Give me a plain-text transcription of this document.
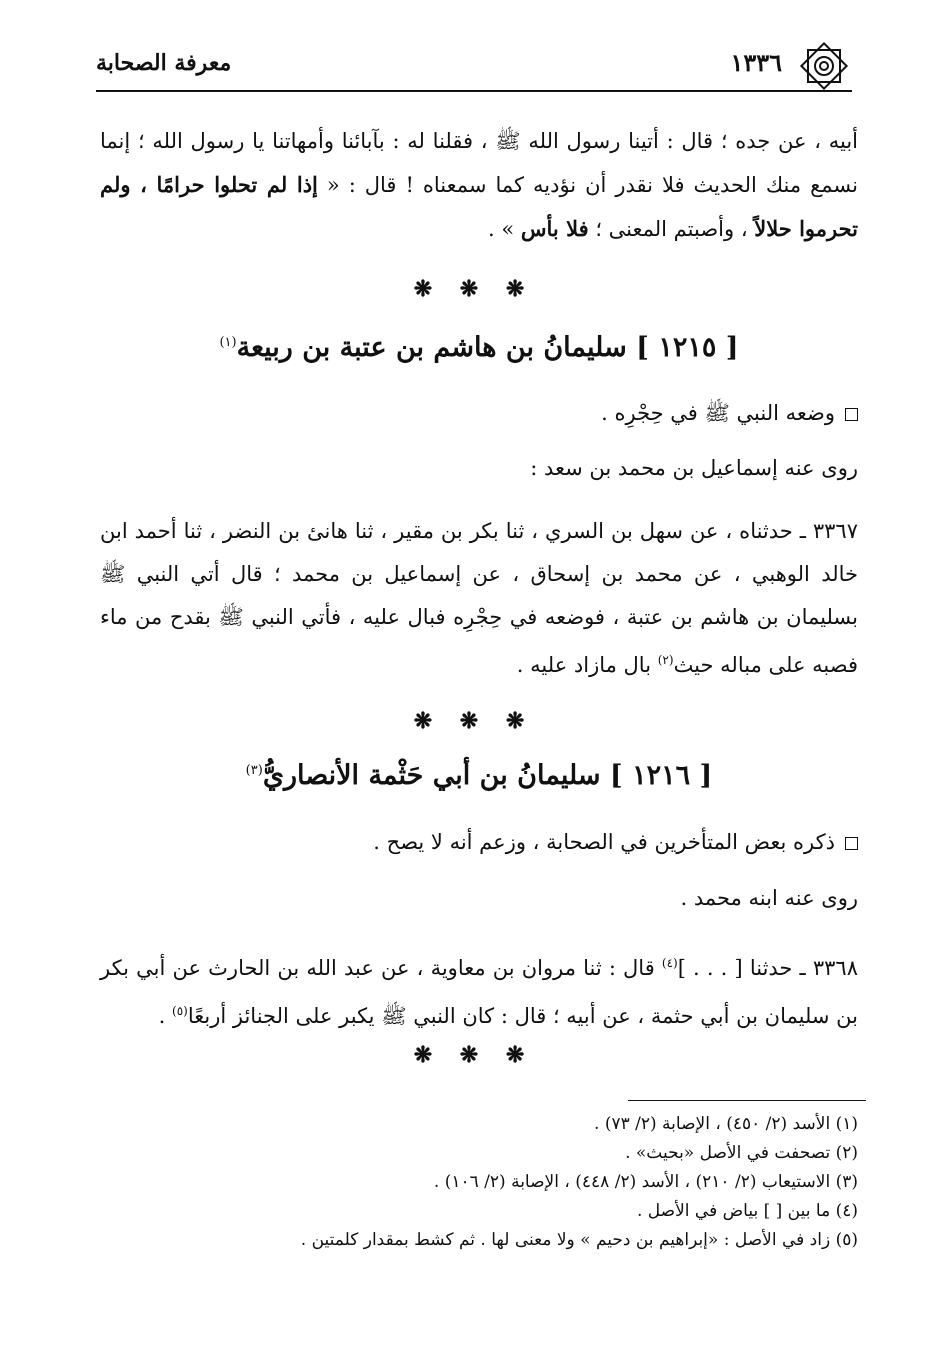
معرفة الصحابة	١٣٣٦
أبيه ، عن جده ؛ قال : أتينا رسول الله ﷺ ، فقلنا له : بآبائنا وأمهاتنا يا رسول الله ؛ إنما نسمع منك الحديث فلا نقدر أن نؤديه كما سمعناه ! قال : « إذا لم تحلوا حرامًا ، ولم تحرموا حلالاً ، وأصبتم المعنى ؛ فلا بأس » .
❋ ❋ ❋
[ ١٢١٥ ] سليمانُ بن هاشم بن عتبة بن ربيعة$^{(١)}$
وضعه النبي ﷺ في حِجْرِه .
روى عنه إسماعيل بن محمد بن سعد :
٣٣٦٧ ـ حدثناه ، عن سهل بن السري ، ثنا بكر بن مقير ، ثنا هانئ بن النضر ، ثنا أحمد ابن خالد الوهبي ، عن محمد بن إسحاق ، عن إسماعيل بن محمد ؛ قال أتي النبي ﷺ بسليمان بن هاشم بن عتبة ، فوضعه في حِجْرِه فبال عليه ، فأتي النبي ﷺ بقدح من ماء فصبه على مباله حيث$^{(٢)}$ بال مازاد عليه .
❋ ❋ ❋
[ ١٢١٦ ] سليمانُ بن أبي حَثْمة الأنصاريُّ$^{(٣)}$
ذكره بعض المتأخرين في الصحابة ، وزعم أنه لا يصح .
روى عنه ابنه محمد .
٣٣٦٨ ـ حدثنا [ . . . ]$^{(٤)}$ قال : ثنا مروان بن معاوية ، عن عبد الله بن الحارث عن أبي بكر بن سليمان بن أبي حثمة ، عن أبيه ؛ قال : كان النبي ﷺ يكبر على الجنائز أربعًا$^{(٥)}$ .
❋ ❋ ❋
(١) الأسد (٢/ ٤٥٠) ، الإصابة (٢/ ٧٣) .
(٢) تصحفت في الأصل «بحيث» .
(٣) الاستيعاب (٢/ ٢١٠) ، الأسد (٢/ ٤٤٨) ، الإصابة (٢/ ١٠٦) .
(٤) ما بين [ ] بياض في الأصل .
(٥) زاد في الأصل : «إبراهيم بن دحيم » ولا معنى لها . ثم كشط بمقدار كلمتين .
